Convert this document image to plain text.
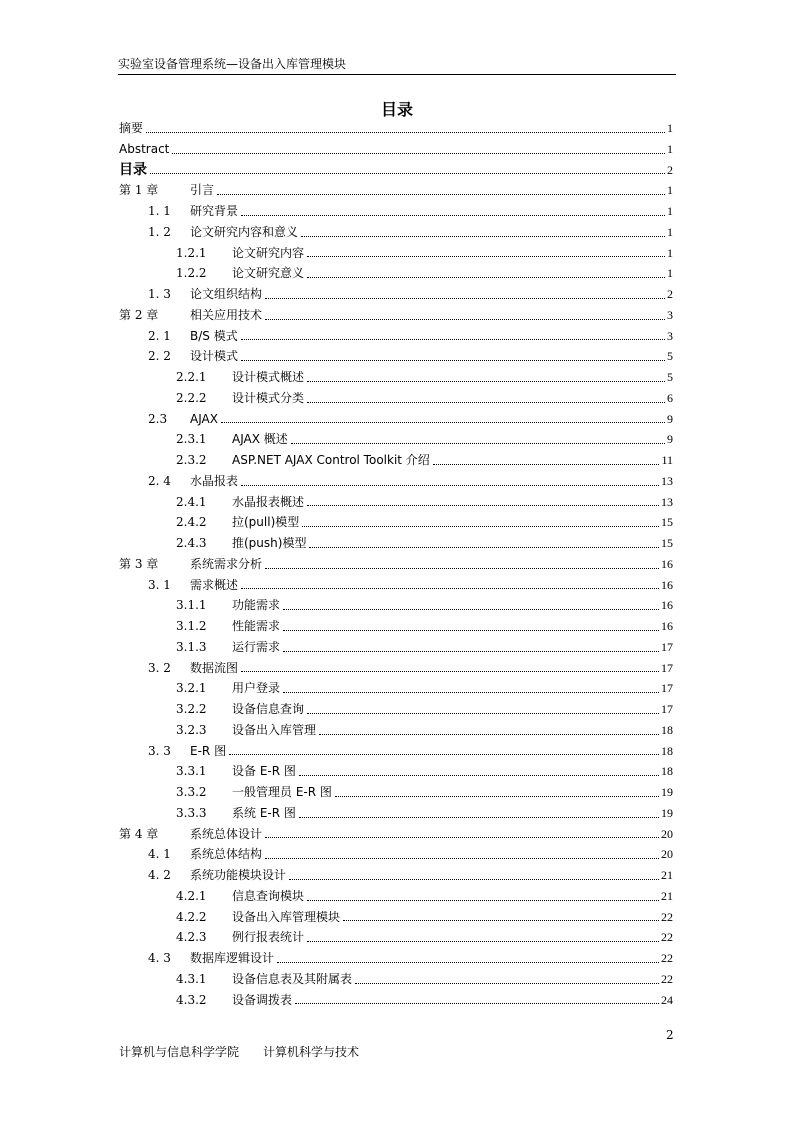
实验室设备管理系统—设备出入库管理模块
目录
摘要	1
Abstract	1
目录	2
第 1 章	引言	1
1. 1 研究背景	1
1. 2 论文研究内容和意义	1
1.2.1 论文研究内容	1
1.2.2 论文研究意义	1
1. 3 论文组织结构	2
第 2 章	相关应用技术	3
2. 1 B/S 模式	3
2. 2 设计模式	5
2.2.1 设计模式概述	5
2.2.2 设计模式分类	6
2.3 AJAX	9
2.3.1 AJAX 概述	9
2.3.2 ASP.NET AJAX Control Toolkit 介绍	11
2. 4 水晶报表	13
2.4.1 水晶报表概述	13
2.4.2 拉(pull)模型	15
2.4.3 推(push)模型	15
第 3 章	系统需求分析	16
3. 1 需求概述	16
3.1.1 功能需求	16
3.1.2 性能需求	16
3.1.3 运行需求	17
3. 2 数据流图	17
3.2.1 用户登录	17
3.2.2 设备信息查询	17
3.2.3 设备出入库管理	18
3. 3 E-R 图	18
3.3.1 设备 E-R 图	18
3.3.2 一般管理员 E-R 图	19
3.3.3 系统 E-R 图	19
第 4 章	系统总体设计	20
4. 1 系统总体结构	20
4. 2 系统功能模块设计	21
4.2.1 信息查询模块	21
4.2.2 设备出入库管理模块	22
4.2.3 例行报表统计	22
4. 3 数据库逻辑设计	22
4.3.1 设备信息表及其附属表	22
4.3.2 设备调拨表	24
2
计算机与信息科学学院 计算机科学与技术
